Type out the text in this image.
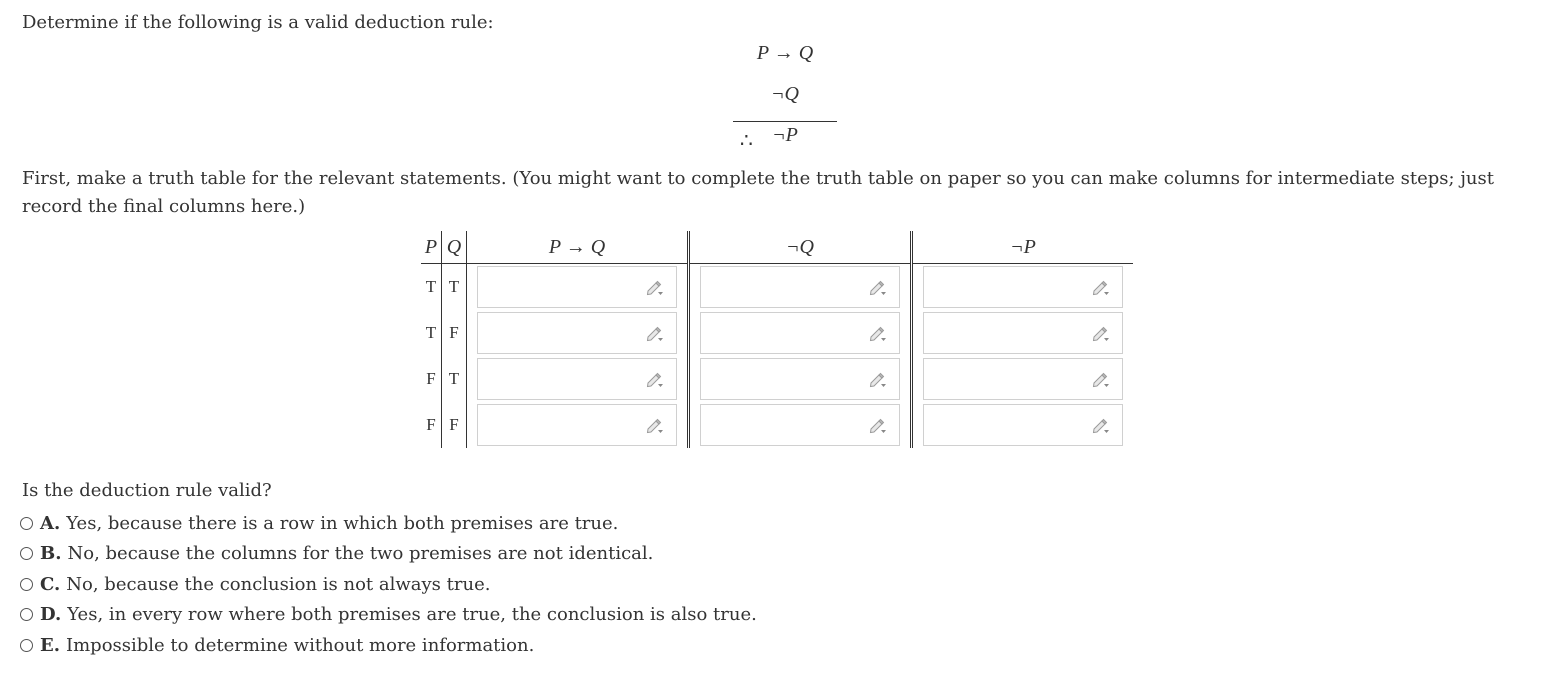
Determine if the following is a valid deduction rule:

P → Q
¬Q
∴ ¬P

First, make a truth table for the relevant statements. (You might want to complete the truth table on paper so you can make columns for intermediate steps; just record the final columns here.)

P	Q	P → Q	¬Q	¬P
T	T	

T	F	

F	T	

F	F	

Is the deduction rule valid?

A. Yes, because there is a row in which both premises are true.
B. No, because the columns for the two premises are not identical.
C. No, because the conclusion is not always true.
D. Yes, in every row where both premises are true, the conclusion is also true.
E. Impossible to determine without more information.
